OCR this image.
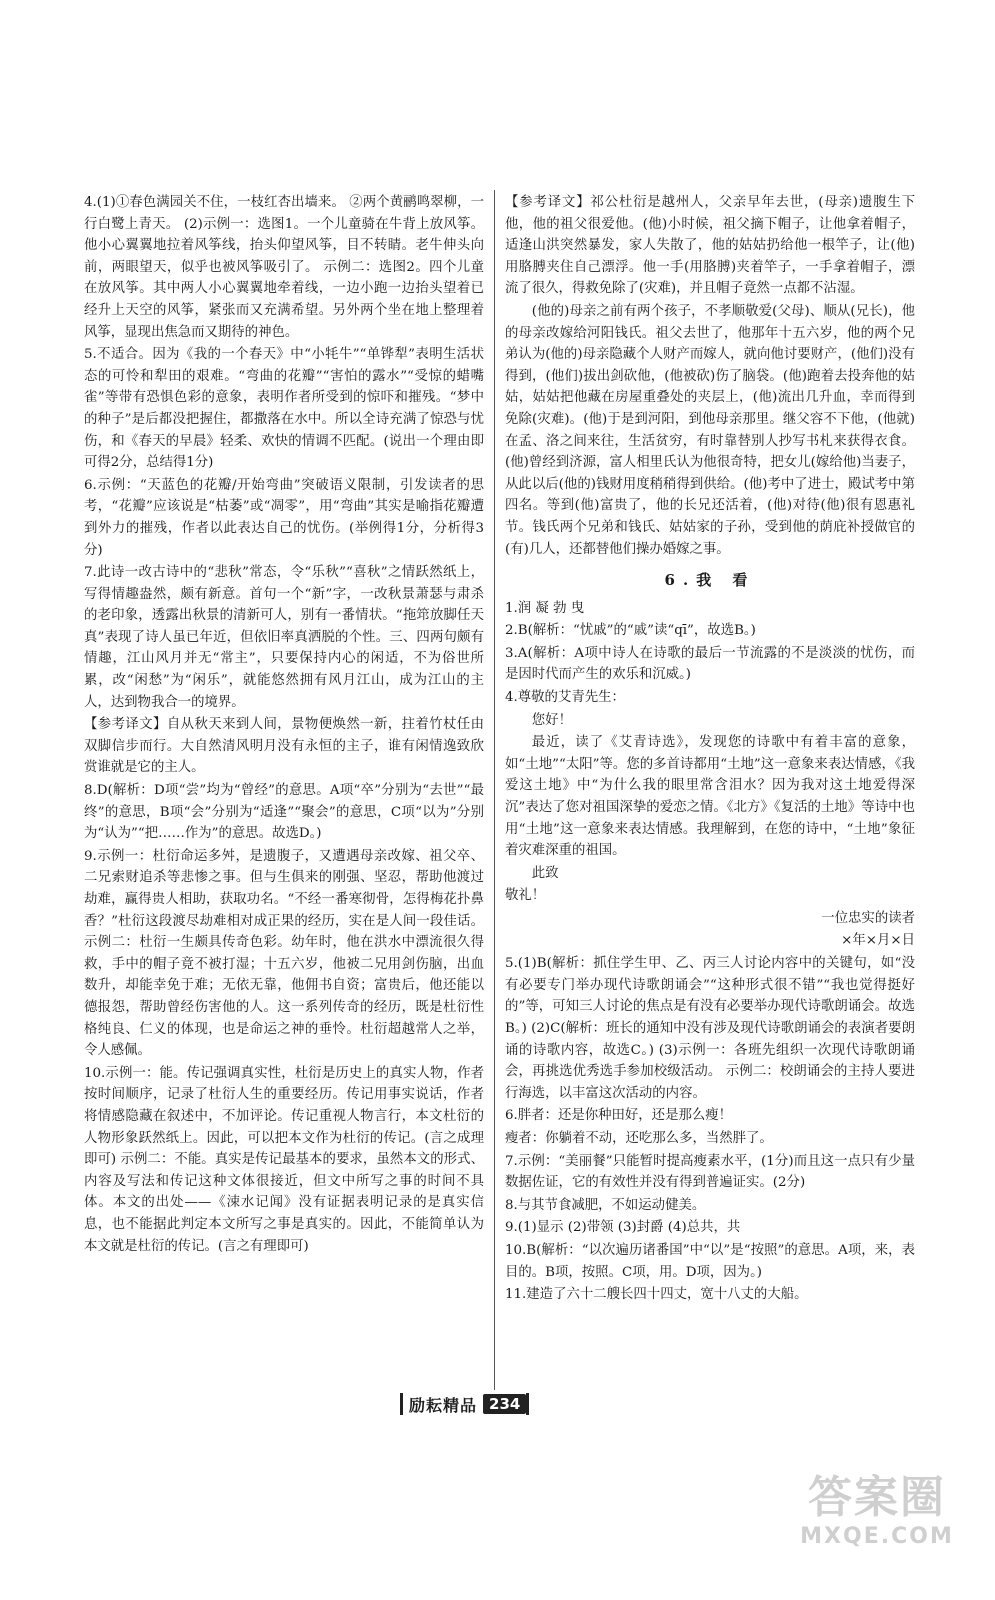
4.(1)①春色满园关不住，一枝红杏出墙来。 ②两个黄鹂鸣翠柳，一行白鹭上青天。 (2)示例一：选图1。一个儿童骑在牛背上放风筝。他小心翼翼地拉着风筝线，抬头仰望风筝，目不转睛。老牛伸头向前，两眼望天，似乎也被风筝吸引了。 示例二：选图2。四个儿童在放风筝。其中两人小心翼翼地牵着线，一边小跑一边抬头望着已经升上天空的风筝，紧张而又充满希望。另外两个坐在地上整理着风筝，显现出焦急而又期待的神色。

5.不适合。因为《我的一个春天》中“小牦牛”“单铧犁”表明生活状态的可怜和犁田的艰难。“弯曲的花瓣”“害怕的露水”“受惊的蜡嘴雀”等带有恐惧色彩的意象，表明作者所受到的惊吓和摧残。“梦中的种子”是后都没把握住，都撒落在水中。所以全诗充满了惊恐与忧伤，和《春天的早晨》轻柔、欢快的情调不匹配。(说出一个理由即可得2分，总结得1分)

6.示例：“天蓝色的花瓣/开始弯曲”突破语义限制，引发读者的思考，“花瓣”应该说是“枯萎”或“凋零”，用“弯曲”其实是喻指花瓣遭到外力的摧残，作者以此表达自己的忧伤。(举例得1分，分析得3分)

7.此诗一改古诗中的“悲秋”常态，令“乐秋”“喜秋”之情跃然纸上，写得情趣盎然，颇有新意。首句一个“新”字，一改秋景萧瑟与肃杀的老印象，透露出秋景的清新可人，别有一番情状。“拖筇放脚任天真”表现了诗人虽已年近，但依旧率真洒脱的个性。三、四两句颇有情趣，江山风月并无“常主”，只要保持内心的闲适，不为俗世所累，改“闲愁”为“闲乐”，就能悠然拥有风月江山，成为江山的主人，达到物我合一的境界。

【参考译文】自从秋天来到人间，景物便焕然一新，拄着竹杖任由双脚信步而行。大自然清风明月没有永恒的主子，谁有闲情逸致欣赏谁就是它的主人。

8.D(解析：D项“尝”均为“曾经”的意思。A项“卒”分别为“去世”“最终”的意思，B项“会”分别为“适逢”“聚会”的意思，C项“以为”分别为“认为”“把……作为”的意思。故选D。)

9.示例一：杜衍命运多舛，是遗腹子，又遭遇母亲改嫁、祖父卒、二兄索财追杀等悲惨之事。但与生俱来的刚强、坚忍，帮助他渡过劫难，赢得贵人相助，获取功名。“不经一番寒彻骨，怎得梅花扑鼻香？”杜衍这段渡尽劫难相对成正果的经历，实在是人间一段佳话。 示例二：杜衍一生颇具传奇色彩。幼年时，他在洪水中漂流很久得救，手中的帽子竟不被打湿；十五六岁，他被二兄用剑伤脑，出血数升，却能幸免于难；无依无靠，他佣书自资；富贵后，他还能以德报怨，帮助曾经伤害他的人。这一系列传奇的经历，既是杜衍性格纯良、仁义的体现，也是命运之神的垂怜。杜衍超越常人之举，令人感佩。

10.示例一：能。传记强调真实性，杜衍是历史上的真实人物，作者按时间顺序，记录了杜衍人生的重要经历。传记用事实说话，作者将情感隐藏在叙述中，不加评论。传记重视人物言行，本文杜衍的人物形象跃然纸上。因此，可以把本文作为杜衍的传记。(言之成理即可) 示例二：不能。真实是传记最基本的要求，虽然本文的形式、内容及写法和传记这种文体很接近，但文中所写之事的时间不具体。本文的出处——《涑水记闻》没有证据表明记录的是真实信息，也不能据此判定本文所写之事是真实的。因此，不能简单认为本文就是杜衍的传记。(言之有理即可)

【参考译文】祁公杜衍是越州人，父亲早年去世，(母亲)遗腹生下他，他的祖父很爱他。(他)小时候，祖父摘下帽子，让他拿着帽子，适逢山洪突然暴发，家人失散了，他的姑姑扔给他一根竿子，让(他)用胳膊夹住自己漂浮。他一手(用胳膊)夹着竿子，一手拿着帽子，漂流了很久，得救免除了(灾难)，并且帽子竟然一点都不沾湿。

(他的)母亲之前有两个孩子，不孝顺敬爱(父母)、顺从(兄长)，他的母亲改嫁给河阳钱氏。祖父去世了，他那年十五六岁，他的两个兄弟认为(他的)母亲隐藏个人财产而嫁人，就向他讨要财产，(他们)没有得到，(他们)拔出剑砍他，(他被砍)伤了脑袋。(他)跑着去投奔他的姑姑，姑姑把他藏在房屋重叠处的夹层上，(他)流出几升血，幸而得到免除(灾难)。(他)于是到河阳，到他母亲那里。继父容不下他，(他就)在孟、洛之间来往，生活贫穷，有时靠替别人抄写书札来获得衣食。(他)曾经到济源，富人相里氏认为他很奇特，把女儿(嫁给他)当妻子，从此以后(他的)钱财用度稍稍得到供给。(他)考中了进士，殿试考中第四名。等到(他)富贵了，他的长兄还活着，(他)对待(他)很有恩惠礼节。钱氏两个兄弟和钱氏、姑姑家的子孙，受到他的荫庇补授做官的(有)几人，还都替他们操办婚嫁之事。

6.我 看

1.润 凝 勃 曳

2.B(解析：“忧戚”的“戚”读“qī”，故选B。)

3.A(解析：A项中诗人在诗歌的最后一节流露的不是淡淡的忧伤，而是因时代而产生的欢乐和沉威。)

4.尊敬的艾青先生：

您好！

最近，读了《艾青诗选》，发现您的诗歌中有着丰富的意象，如“土地”“太阳”等。您的多首诗都用“土地”这一意象来表达情感，《我爱这土地》中“为什么我的眼里常含泪水？因为我对这土地爱得深沉”表达了您对祖国深挚的爱恋之情。《北方》《复活的土地》等诗中也用“土地”这一意象来表达情感。我理解到，在您的诗中，“土地”象征着灾难深重的祖国。

此致

敬礼！

一位忠实的读者

×年×月×日

5.(1)B(解析：抓住学生甲、乙、丙三人讨论内容中的关键句，如“没有必要专门举办现代诗歌朗诵会”“这种形式很不错”“我也觉得挺好的”等，可知三人讨论的焦点是有没有必要举办现代诗歌朗诵会。故选B。) (2)C(解析：班长的通知中没有涉及现代诗歌朗诵会的表演者要朗诵的诗歌内容，故选C。) (3)示例一：各班先组织一次现代诗歌朗诵会，再挑选优秀选手参加校级活动。 示例二：校朗诵会的主持人要进行海选，以丰富这次活动的内容。

6.胖者：还是你种田好，还是那么瘦！

瘦者：你躺着不动，还吃那么多，当然胖了。

7.示例：“美丽餐”只能暂时提高瘦素水平，(1分)而且这一点只有少量数据佐证，它的有效性并没有得到普遍证实。(2分)

8.与其节食减肥，不如运动健美。

9.(1)显示 (2)带领 (3)封爵 (4)总共，共

10.B(解析：“以次遍历诸番国”中“以”是“按照”的意思。A项，来，表目的。B项，按照。C项，用。D项，因为。)

11.建造了六十二艘长四十四丈，宽十八丈的大船。

励耘精品 234
答案圈
MXQE.COM
